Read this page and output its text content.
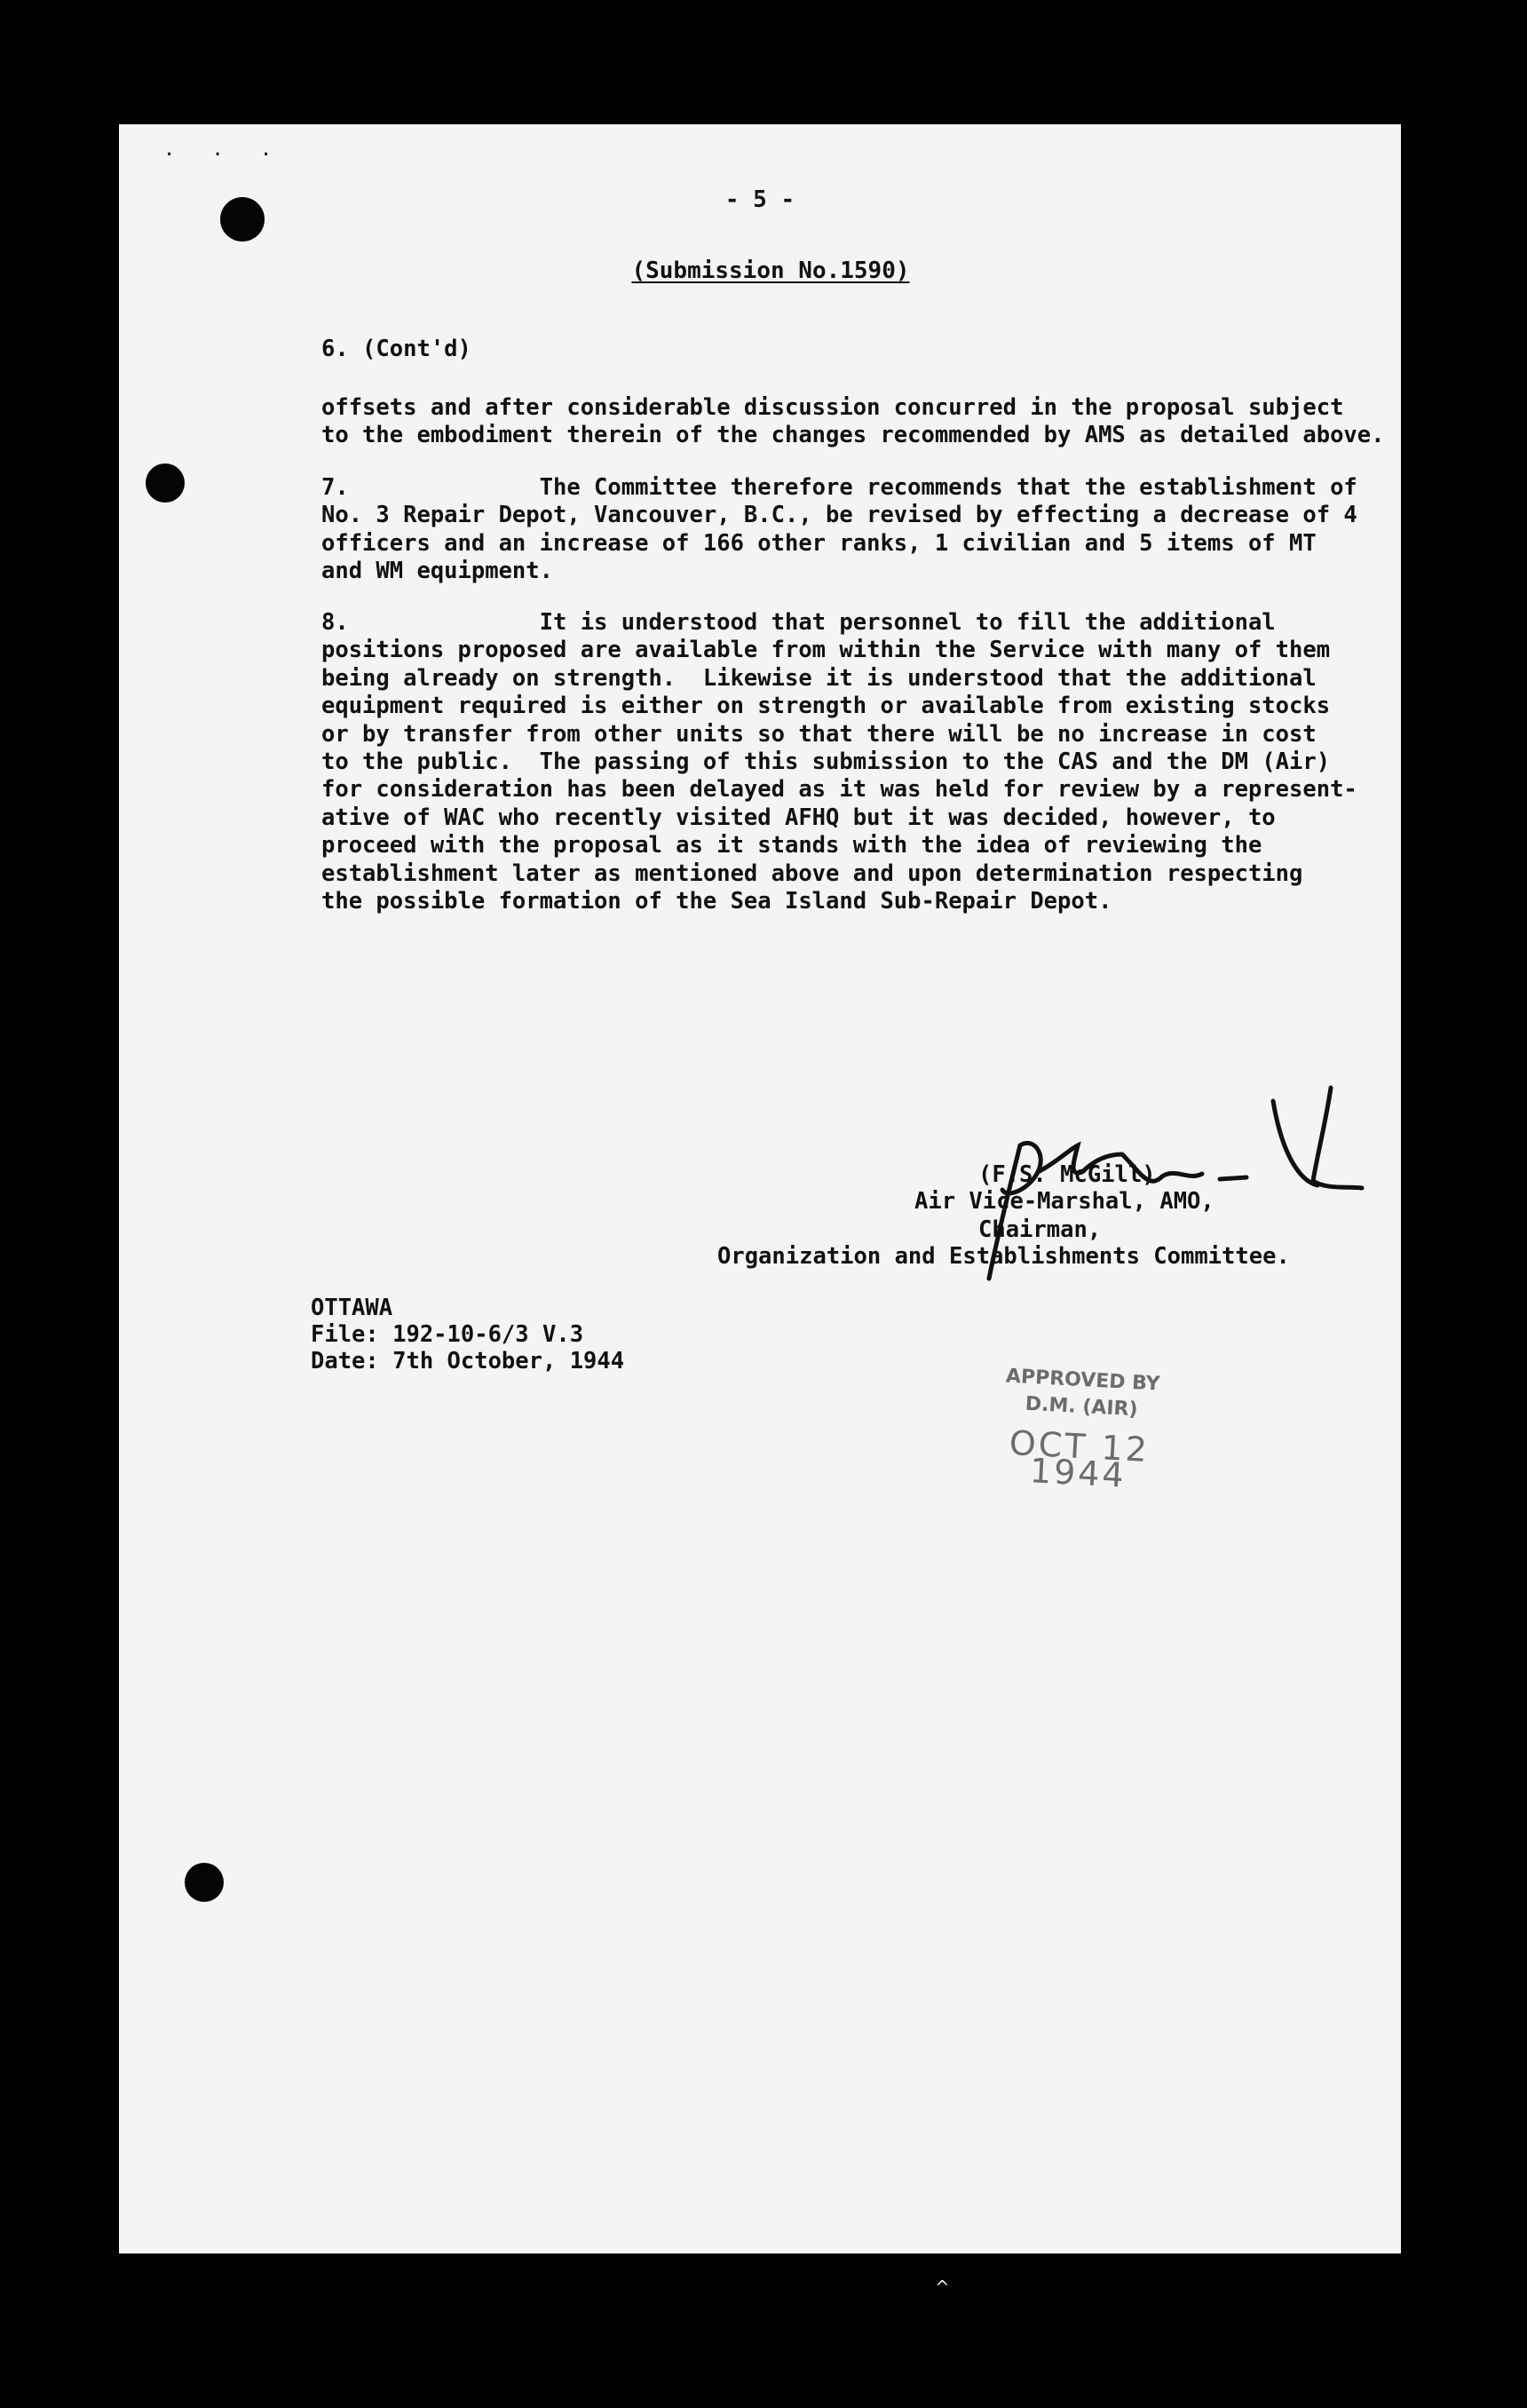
· · ·
- 5 -
(Submission No.1590)
6. (Cont'd)
offsets and after considerable discussion concurred in the proposal subject
to the embodiment therein of the changes recommended by AMS as detailed above.
7.              The Committee therefore recommends that the establishment of
No. 3 Repair Depot, Vancouver, B.C., be revised by effecting a decrease of 4
officers and an increase of 166 other ranks, 1 civilian and 5 items of MT
and WM equipment.
8.              It is understood that personnel to fill the additional
positions proposed are available from within the Service with many of them
being already on strength.  Likewise it is understood that the additional
equipment required is either on strength or available from existing stocks
or by transfer from other units so that there will be no increase in cost
to the public.  The passing of this submission to the CAS and the DM (Air)
for consideration has been delayed as it was held for review by a represent-
ative of WAC who recently visited AFHQ but it was decided, however, to
proceed with the proposal as it stands with the idea of reviewing the
establishment later as mentioned above and upon determination respecting
the possible formation of the Sea Island Sub-Repair Depot.
(F.S. McGill)
Air Vice-Marshal, AMO,
Chairman,
Organization and Establishments Committee.
OTTAWA
File: 192-10-6/3 V.3
Date: 7th October, 1944
APPROVED BY
D.M. (AIR)
OCT 12 1944
^
